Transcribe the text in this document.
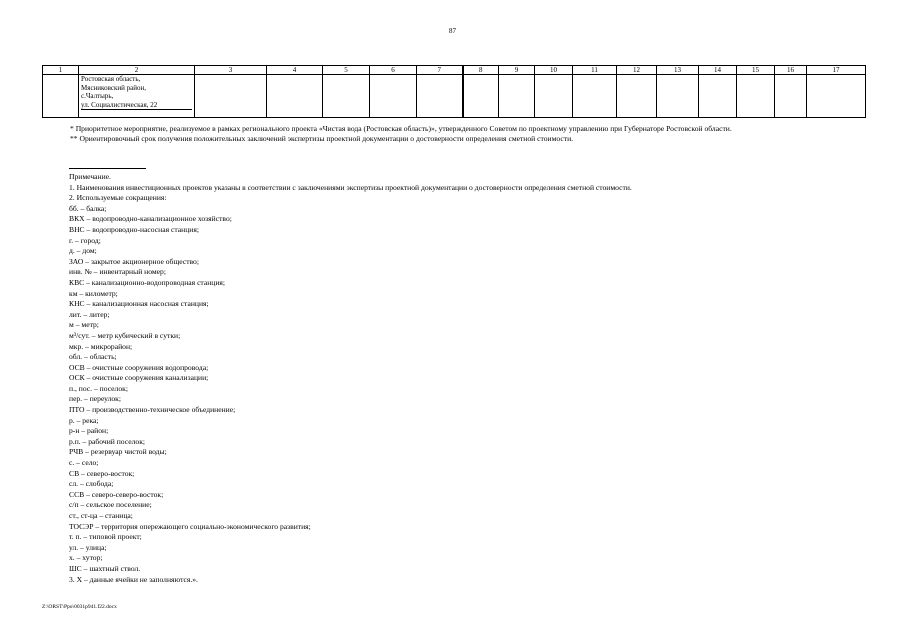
87
1	2	3	4	5	6	7	8	9	10	11	12	13	14	15	16	17

	Ростовская область,
Мясниковский район,
с.Чалтырь,
ул. Социалистическая, 22															

* Приоритетное мероприятие, реализуемое в рамках регионального проекта «Чистая вода (Ростовская область)», утвержденного Советом по проектному управлению при Губернаторе Ростовской области.

** Ориентировочный срок получения положительных заключений экспертизы проектной документации о достоверности определения сметной стоимости.

Примечание.
1. Наименования инвестиционных проектов указаны в соответствии с заключениями экспертизы проектной документации о достоверности определения сметной стоимости.
2. Используемые сокращения:
бб. – балка;
ВКХ – водопроводно-канализационное хозяйство;
ВНС – водопроводно-насосная станция;
г. – город;
д. – дом;
ЗАО – закрытое акционерное общество;
инв. № – инвентарный номер;
КВС – канализационно-водопроводная станция;
км – километр;
КНС – канализационная насосная станция;
лит. – литер;
м – метр;
м³/сут. – метр кубический в сутки;
мкр. – микрорайон;
обл. – область;
ОСВ – очистные сооружения водопровода;
ОСК – очистные сооружения канализации;
п., пос. – поселок;
пер. – переулок;
ПТО – производственно-техническое объединение;
р. – река;
р-н – район;
р.п. – рабочий поселок;
РЧВ – резервуар чистой воды;
с. – село;
СВ – северо-восток;
сл. – слобода;
ССВ – северо-северо-восток;
с/п – сельское поселение;
ст., ст-ца – станица;
ТОСЭР – территория опережающего социально-экономического развития;
т. п. – типовой проект;
ул. – улица;
х. – хутор;
ШС – шахтный ствол.
3. Х – данные ячейки не заполняются.».
Z:\ORST\Ppo\0031p941.f22.docx
